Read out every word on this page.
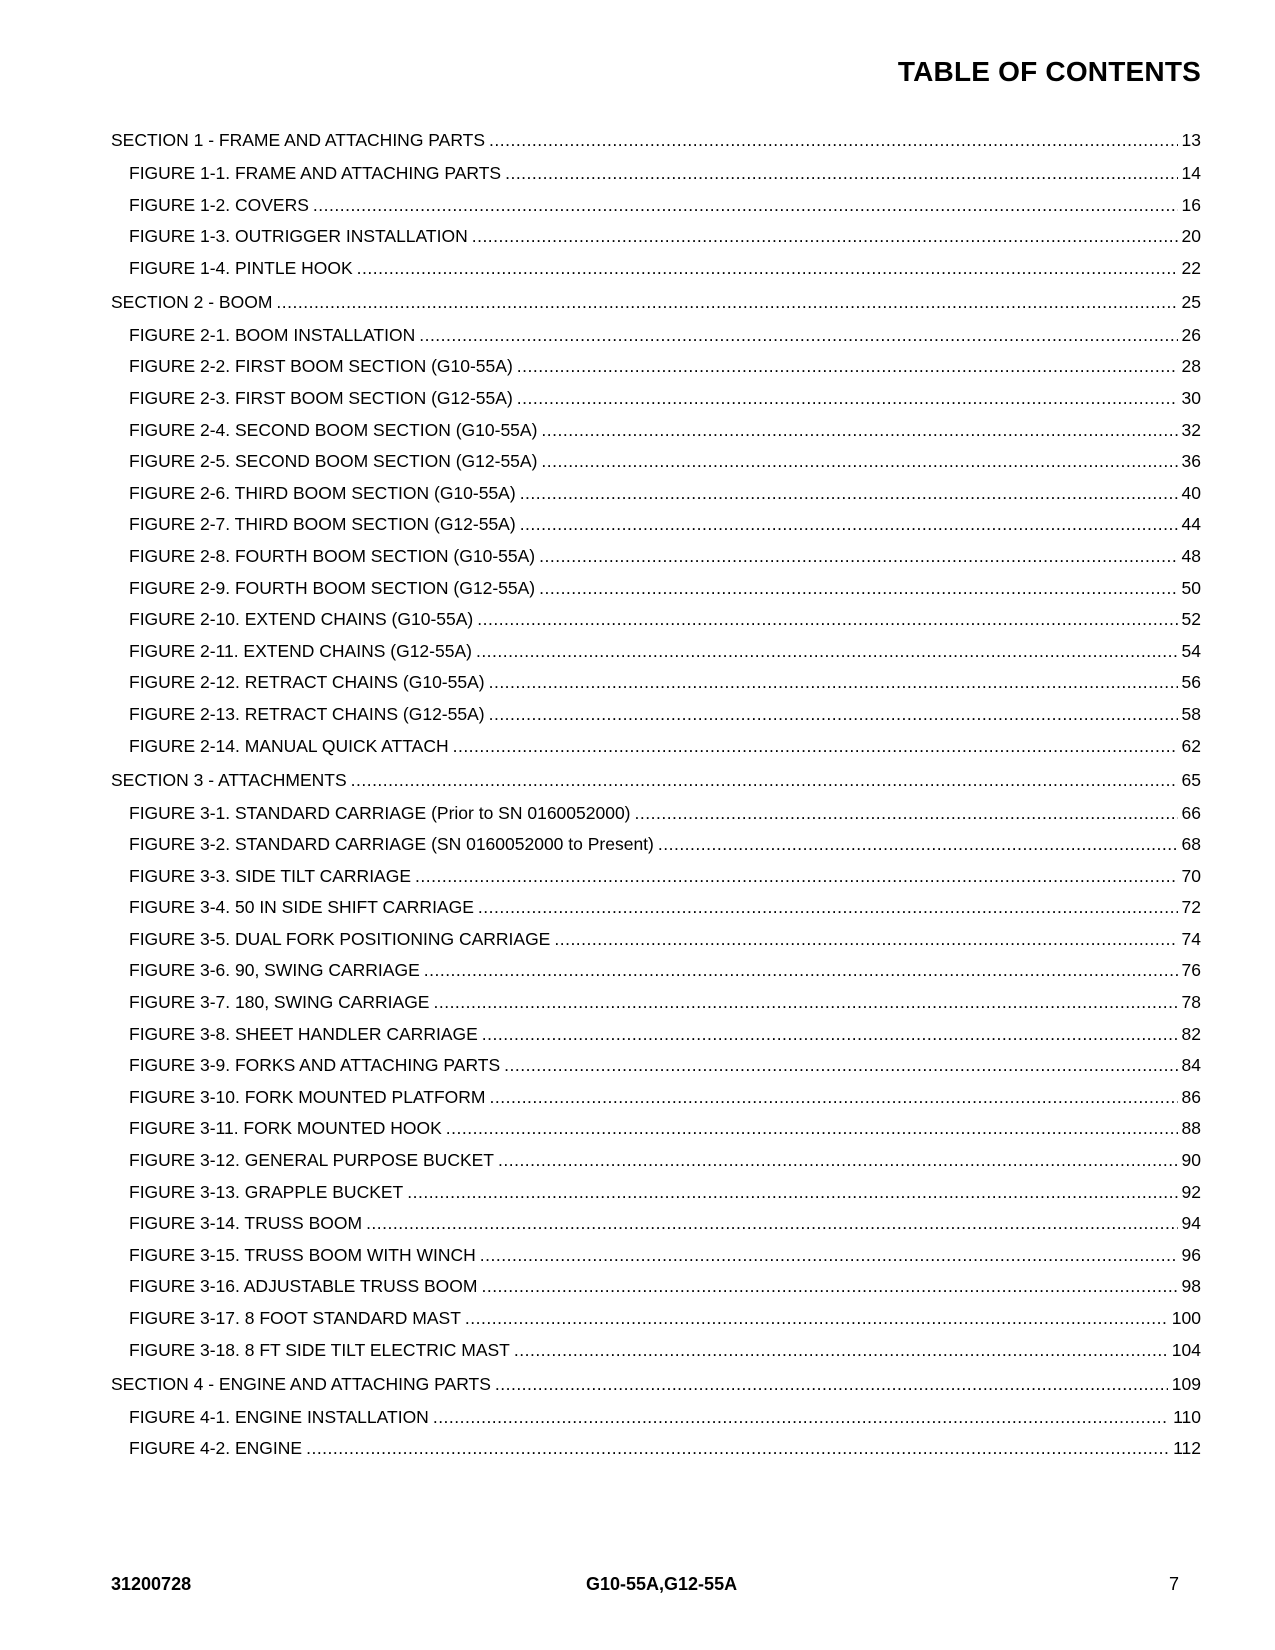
TABLE OF CONTENTS
SECTION 1 - FRAME AND ATTACHING PARTS .....	13
FIGURE 1-1. FRAME AND ATTACHING PARTS .....	14
FIGURE 1-2. COVERS .....	16
FIGURE 1-3. OUTRIGGER INSTALLATION .....	20
FIGURE 1-4. PINTLE HOOK .....	22
SECTION 2 - BOOM .....	25
FIGURE 2-1. BOOM INSTALLATION .....	26
FIGURE 2-2. FIRST BOOM SECTION (G10-55A) .....	28
FIGURE 2-3. FIRST BOOM SECTION (G12-55A) .....	30
FIGURE 2-4. SECOND BOOM SECTION (G10-55A) .....	32
FIGURE 2-5. SECOND BOOM SECTION (G12-55A) .....	36
FIGURE 2-6. THIRD BOOM SECTION (G10-55A) .....	40
FIGURE 2-7. THIRD BOOM SECTION (G12-55A) .....	44
FIGURE 2-8. FOURTH BOOM SECTION (G10-55A) .....	48
FIGURE 2-9. FOURTH BOOM SECTION (G12-55A) .....	50
FIGURE 2-10. EXTEND CHAINS (G10-55A) .....	52
FIGURE 2-11. EXTEND CHAINS (G12-55A) .....	54
FIGURE 2-12. RETRACT CHAINS (G10-55A) .....	56
FIGURE 2-13. RETRACT CHAINS (G12-55A) .....	58
FIGURE 2-14. MANUAL QUICK ATTACH .....	62
SECTION 3 - ATTACHMENTS .....	65
FIGURE 3-1. STANDARD CARRIAGE (Prior to SN 0160052000) .....	66
FIGURE 3-2. STANDARD CARRIAGE (SN 0160052000 to Present) .....	68
FIGURE 3-3. SIDE TILT CARRIAGE .....	70
FIGURE 3-4. 50 IN SIDE SHIFT CARRIAGE .....	72
FIGURE 3-5. DUAL FORK POSITIONING CARRIAGE .....	74
FIGURE 3-6. 90, SWING CARRIAGE .....	76
FIGURE 3-7. 180, SWING CARRIAGE .....	78
FIGURE 3-8. SHEET HANDLER CARRIAGE .....	82
FIGURE 3-9. FORKS AND ATTACHING PARTS .....	84
FIGURE 3-10. FORK MOUNTED PLATFORM .....	86
FIGURE 3-11. FORK MOUNTED HOOK .....	88
FIGURE 3-12. GENERAL PURPOSE BUCKET .....	90
FIGURE 3-13. GRAPPLE BUCKET .....	92
FIGURE 3-14. TRUSS BOOM .....	94
FIGURE 3-15. TRUSS BOOM WITH WINCH .....	96
FIGURE 3-16. ADJUSTABLE TRUSS BOOM .....	98
FIGURE 3-17. 8 FOOT STANDARD MAST .....	100
FIGURE 3-18. 8 FT SIDE TILT ELECTRIC MAST .....	104
SECTION 4 - ENGINE AND ATTACHING PARTS .....	109
FIGURE 4-1. ENGINE INSTALLATION .....	110
FIGURE 4-2. ENGINE .....	112
31200728	G10-55A,G12-55A	7
